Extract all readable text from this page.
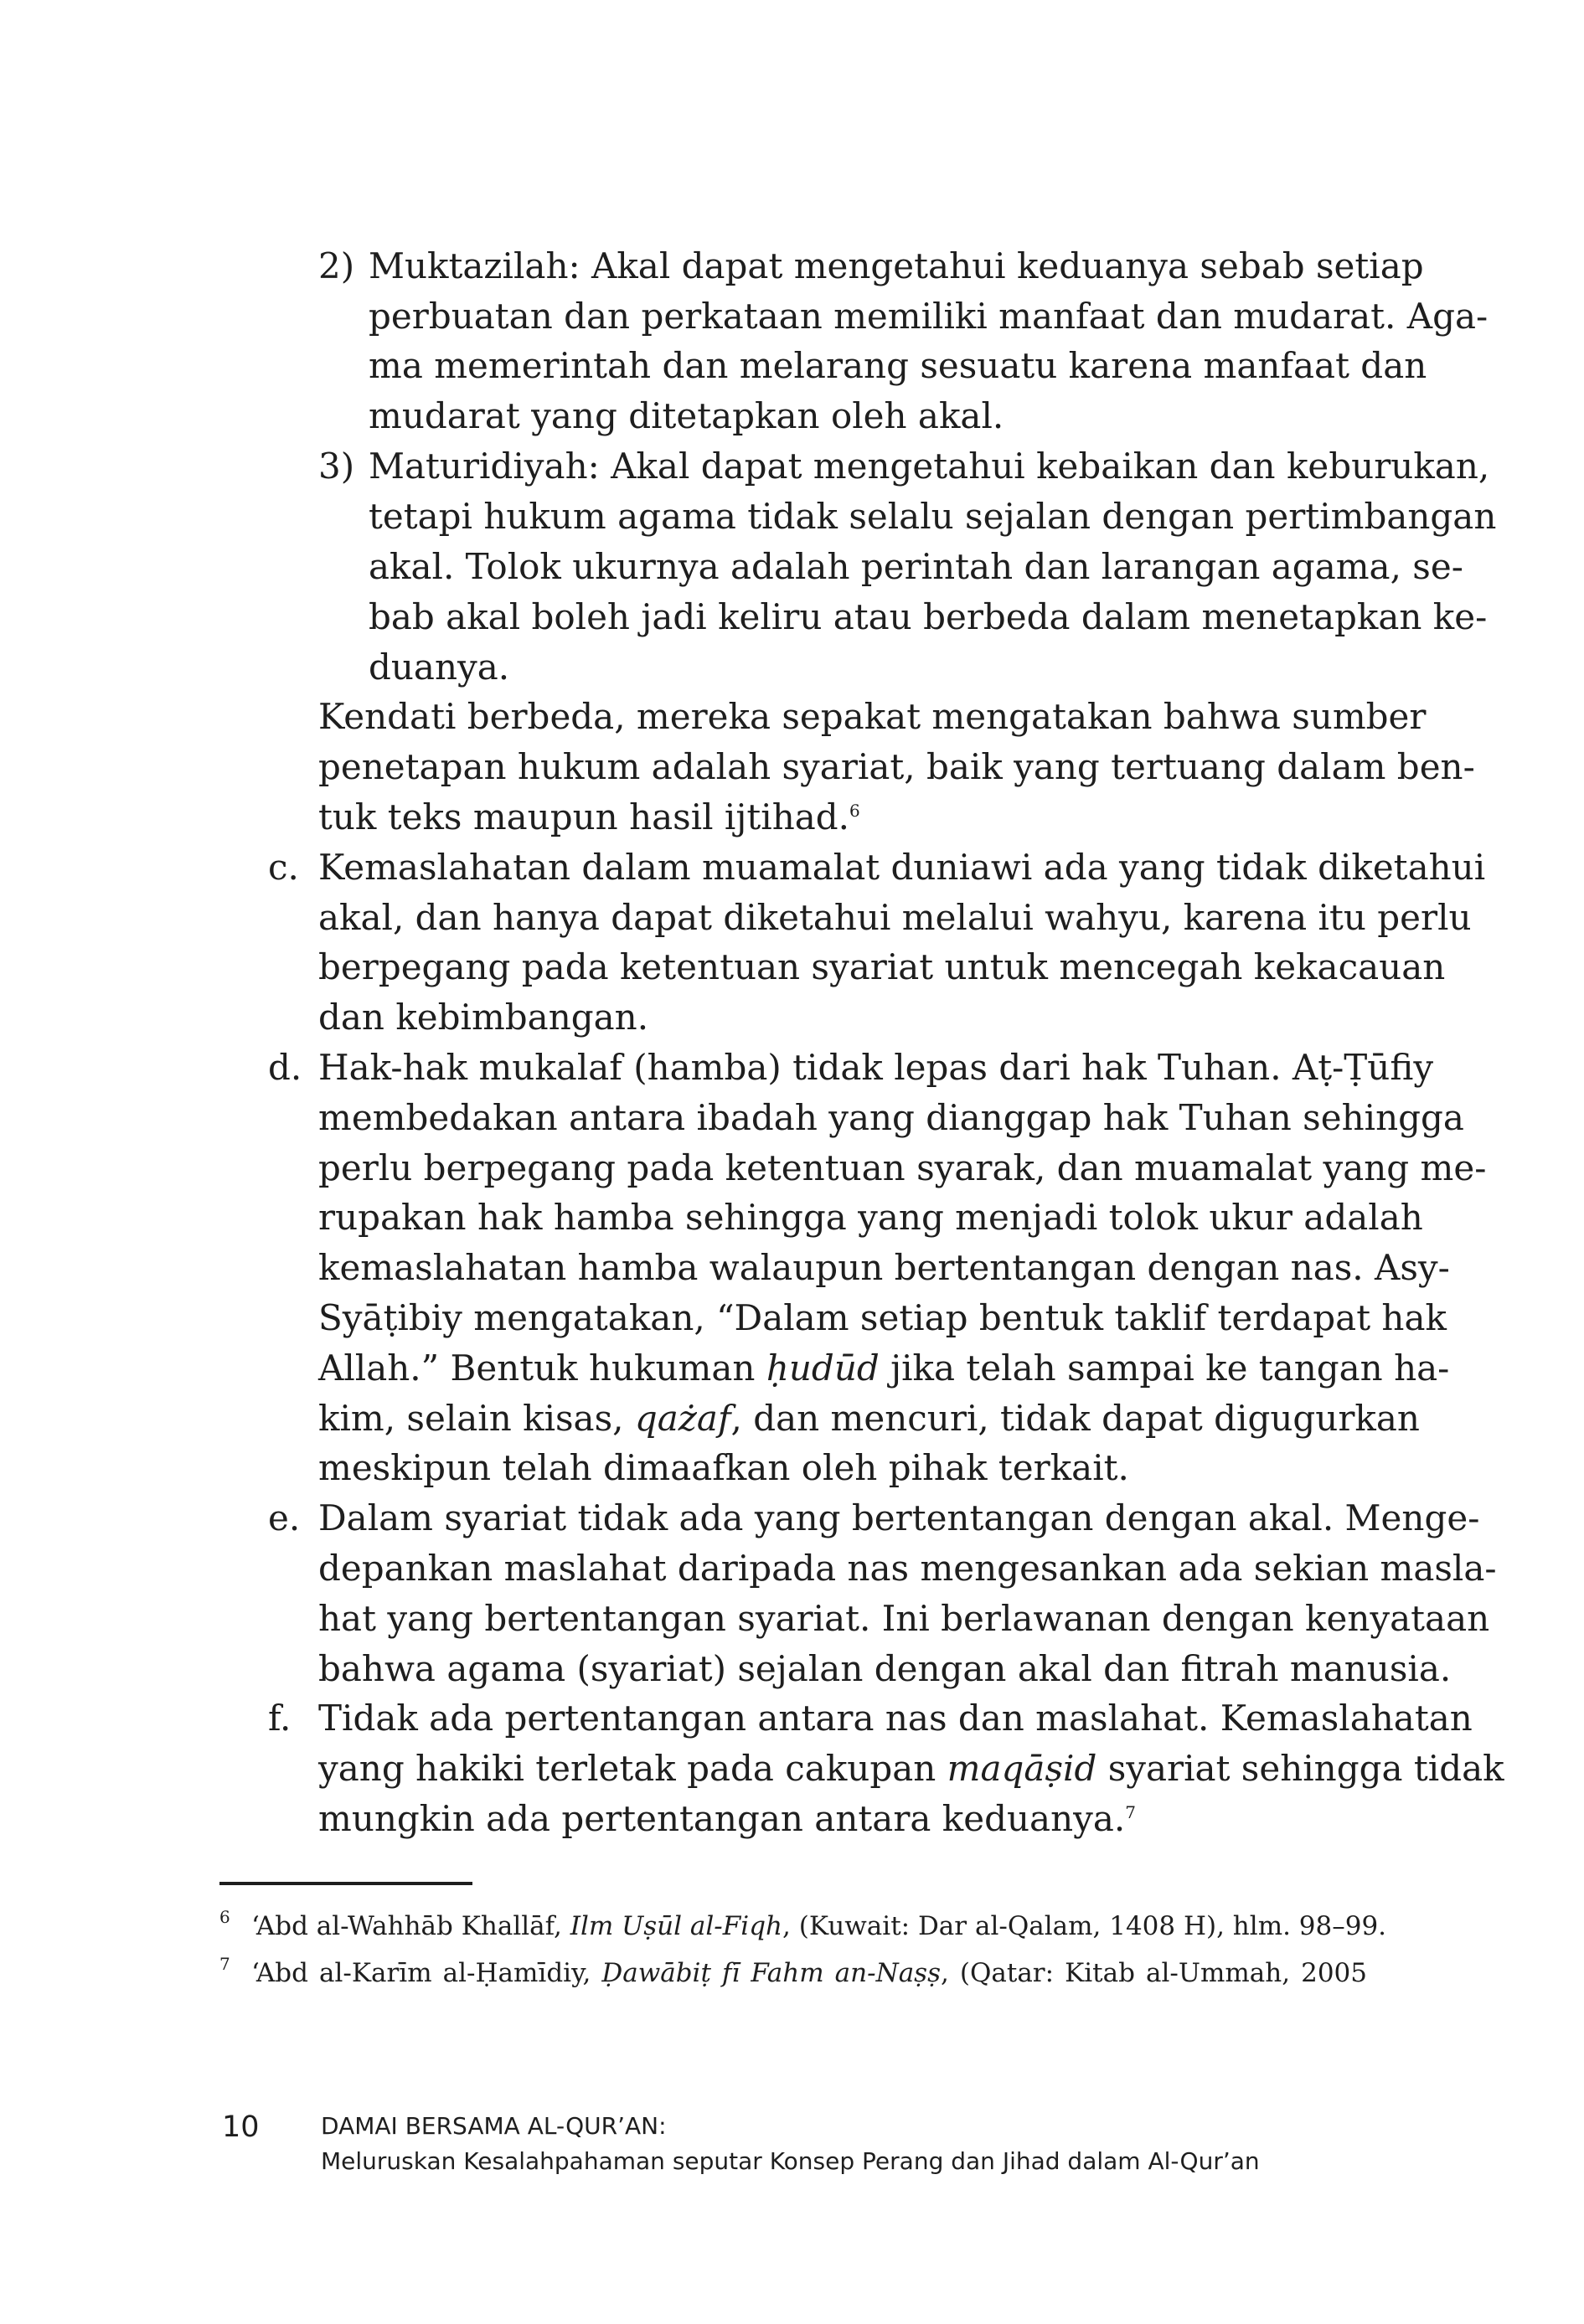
2) Muktazilah: Akal dapat mengetahui keduanya sebab setiap
perbuatan dan perkataan memiliki manfaat dan mudarat. Aga-
ma memerintah dan melarang sesuatu karena manfaat dan
mudarat yang ditetapkan oleh akal.
3) Maturidiyah: Akal dapat mengetahui kebaikan dan keburukan,
tetapi hukum agama tidak selalu sejalan dengan pertimbangan
akal. Tolok ukurnya adalah perintah dan larangan agama, se-
bab akal boleh jadi keliru atau berbeda dalam menetapkan ke-
duanya.
Kendati berbeda, mereka sepakat mengatakan bahwa sumber
penetapan hukum adalah syariat, baik yang tertuang dalam ben-
tuk teks maupun hasil ijtihad.$^6$
c. Kemaslahatan dalam muamalat duniawi ada yang tidak diketahui
akal, dan hanya dapat diketahui melalui wahyu, karena itu perlu
berpegang pada ketentuan syariat untuk mencegah kekacauan
dan kebimbangan.
d. Hak-hak mukalaf (hamba) tidak lepas dari hak Tuhan. Aṭ-Ṭūfiy
membedakan antara ibadah yang dianggap hak Tuhan sehingga
perlu berpegang pada ketentuan syarak, dan muamalat yang me-
rupakan hak hamba sehingga yang menjadi tolok ukur adalah
kemaslahatan hamba walaupun bertentangan dengan nas. Asy-
Syāṭibiy mengatakan, “Dalam setiap bentuk taklif terdapat hak
Allah.” Bentuk hukuman ḥudūd jika telah sampai ke tangan ha-
kim, selain kisas, qażaf, dan mencuri, tidak dapat digugurkan
meskipun telah dimaafkan oleh pihak terkait.
e. Dalam syariat tidak ada yang bertentangan dengan akal. Menge-
depankan maslahat daripada nas mengesankan ada sekian masla-
hat yang bertentangan syariat. Ini berlawanan dengan kenyataan
bahwa agama (syariat) sejalan dengan akal dan fitrah manusia.
f. Tidak ada pertentangan antara nas dan maslahat. Kemaslahatan
yang hakiki terletak pada cakupan maqāṣid syariat sehingga tidak
mungkin ada pertentangan antara keduanya.$^7$
6 ‘Abd al-Wahhāb Khallāf, Ilm Uṣūl al-Fiqh, (Kuwait: Dar al-Qalam, 1408 H), hlm. 98–99.
7 ‘Abd al-Karīm al-Ḥamīdiy, Ḍawābiṭ fī Fahm an-Naṣṣ, (Qatar: Kitab al-Ummah, 2005
10	DAMAI BERSAMA AL-QUR’AN:
Meluruskan Kesalahpahaman seputar Konsep Perang dan Jihad dalam Al-Qur’an
